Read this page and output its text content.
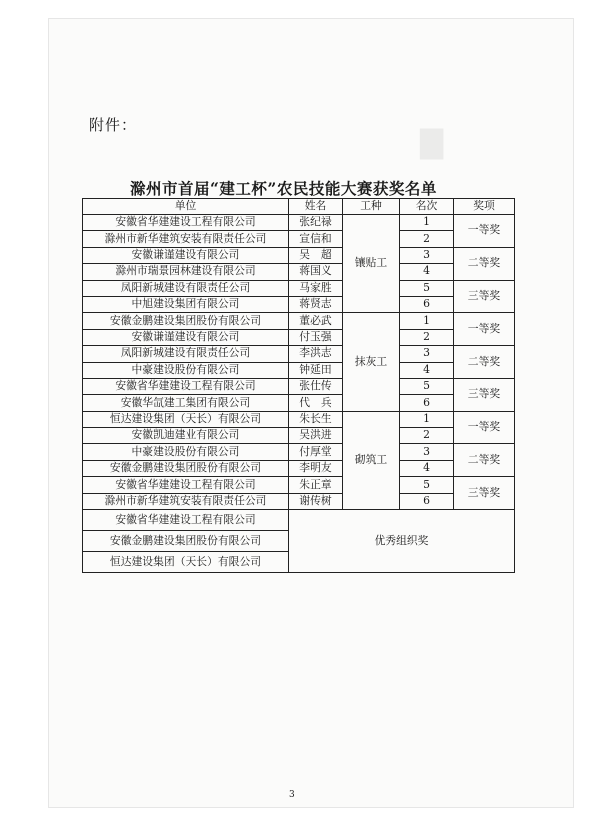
▇
附件：
滁州市首届“建工杯”农民技能大赛获奖名单
单位	姓名	工种	名次	奖项
安徽省华建建设工程有限公司	张纪禄	镶贴工	1	一等奖
滁州市新华建筑安装有限责任公司	宣信和		2	
安徽谦谨建设有限公司	吴　超		3	二等奖
滁州市瑞景园林建设有限公司	蒋国义		4	
凤阳新城建设有限责任公司	马家胜		5	三等奖
中旭建设集团有限公司	蒋贤志		6	
安徽金鹏建设集团股份有限公司	董必武	抹灰工	1	一等奖
安徽谦谨建设有限公司	付玉强		2	
凤阳新城建设有限责任公司	李洪志		3	二等奖
中豪建设股份有限公司	钟延田		4	
安徽省华建建设工程有限公司	张仕传		5	三等奖
安徽华氙建工集团有限公司	代　兵		6	
恒达建设集团（天长）有限公司	朱长生	砌筑工	1	一等奖
安徽凯迪建业有限公司	吴洪进		2	
中豪建设股份有限公司	付厚堂		3	二等奖
安徽金鹏建设集团股份有限公司	李明友		4	
安徽省华建建设工程有限公司	朱正章		5	三等奖
滁州市新华建筑安装有限责任公司	谢传树		6	
安徽省华建建设工程有限公司	优秀组织奖			
安徽金鹏建设集团股份有限公司				
恒达建设集团（天长）有限公司				
3
